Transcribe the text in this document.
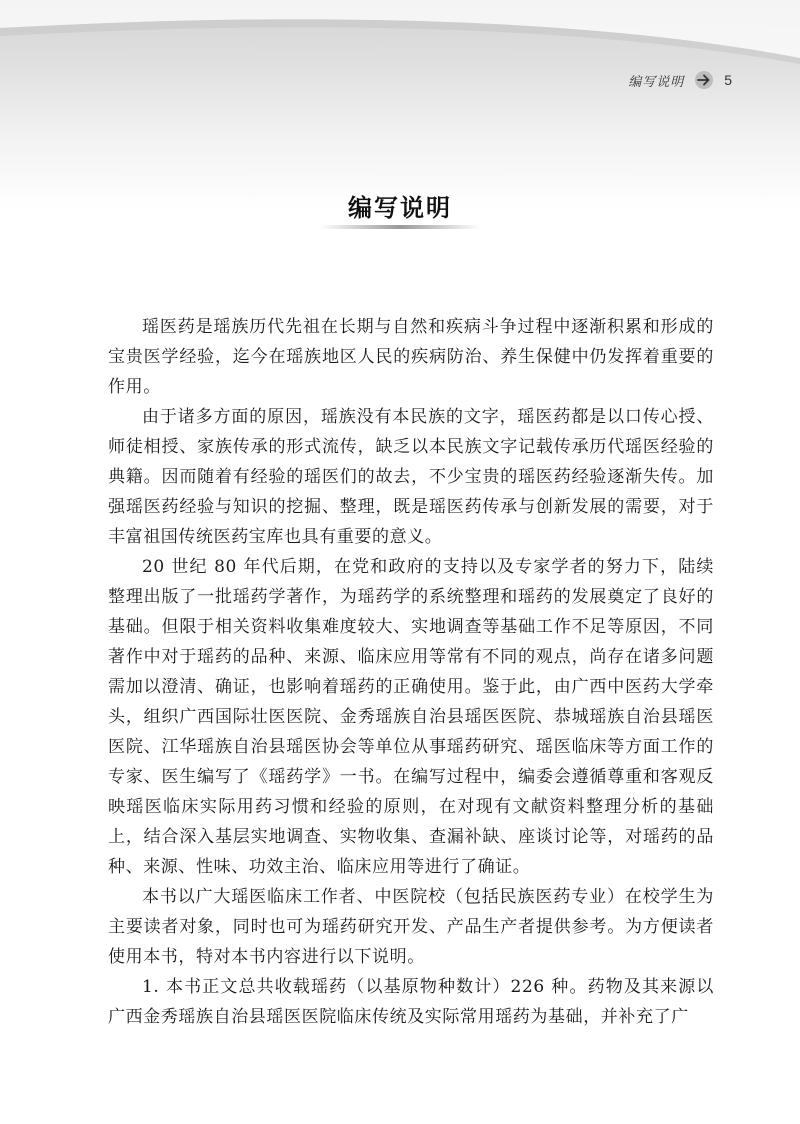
编写说明	5
编写说明

瑶医药是瑶族历代先祖在长期与自然和疾病斗争过程中逐渐积累和形成的宝贵医学经验，迄今在瑶族地区人民的疾病防治、养生保健中仍发挥着重要的作用。

由于诸多方面的原因，瑶族没有本民族的文字，瑶医药都是以口传心授、师徒相授、家族传承的形式流传，缺乏以本民族文字记载传承历代瑶医经验的典籍。因而随着有经验的瑶医们的故去，不少宝贵的瑶医药经验逐渐失传。加强瑶医药经验与知识的挖掘、整理，既是瑶医药传承与创新发展的需要，对于丰富祖国传统医药宝库也具有重要的意义。

20 世纪 80 年代后期，在党和政府的支持以及专家学者的努力下，陆续整理出版了一批瑶药学著作，为瑶药学的系统整理和瑶药的发展奠定了良好的基础。但限于相关资料收集难度较大、实地调查等基础工作不足等原因，不同著作中对于瑶药的品种、来源、临床应用等常有不同的观点，尚存在诸多问题需加以澄清、确证，也影响着瑶药的正确使用。鉴于此，由广西中医药大学牵头，组织广西国际壮医医院、金秀瑶族自治县瑶医医院、恭城瑶族自治县瑶医医院、江华瑶族自治县瑶医协会等单位从事瑶药研究、瑶医临床等方面工作的专家、医生编写了《瑶药学》一书。在编写过程中，编委会遵循尊重和客观反映瑶医临床实际用药习惯和经验的原则，在对现有文献资料整理分析的基础上，结合深入基层实地调查、实物收集、查漏补缺、座谈讨论等，对瑶药的品种、来源、性味、功效主治、临床应用等进行了确证。

本书以广大瑶医临床工作者、中医院校（包括民族医药专业）在校学生为主要读者对象，同时也可为瑶药研究开发、产品生产者提供参考。为方便读者使用本书，特对本书内容进行以下说明。

1. 本书正文总共收载瑶药（以基原物种数计）226 种。药物及其来源以广西金秀瑶族自治县瑶医医院临床传统及实际常用瑶药为基础，并补充了广
